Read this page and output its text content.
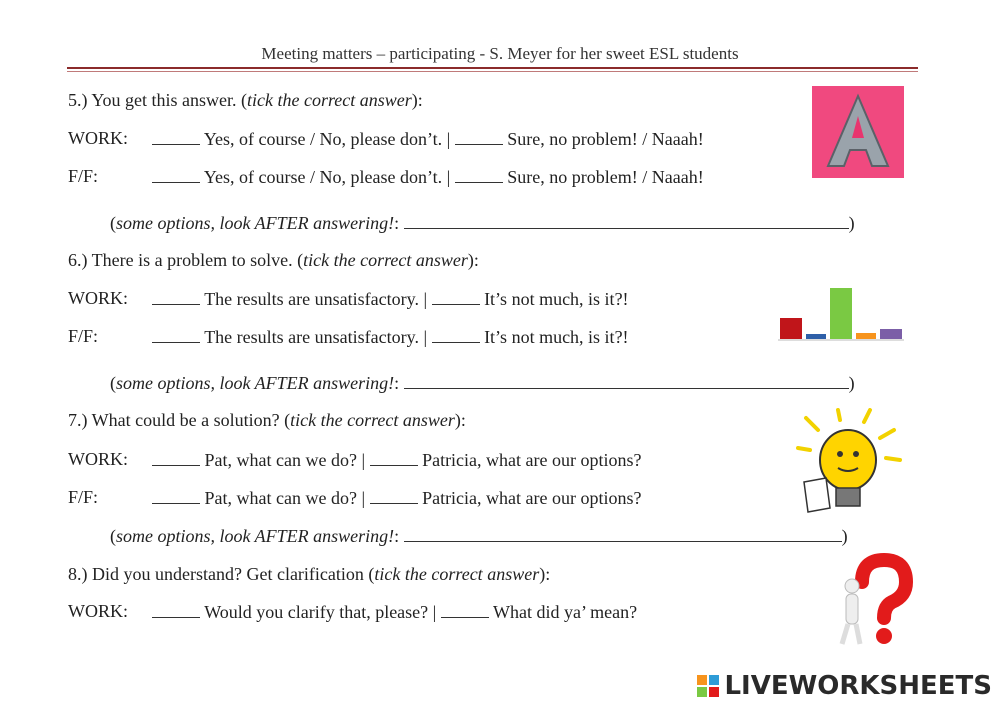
Meeting matters – participating - S. Meyer for her sweet ESL students
5.) You get this answer. (tick the correct answer):
WORK:	Yes, of course / No, please don’t. |	Sure, no problem! / Naaah!
F/F:	Yes, of course / No, please don’t. |	Sure, no problem! / Naaah!
(some options, look AFTER answering!:	)
6.) There is a problem to solve. (tick the correct answer):
WORK:	The results are unsatisfactory. |	It’s not much, is it?!
F/F:	The results are unsatisfactory. |	It’s not much, is it?!
(some options, look AFTER answering!:	)
7.) What could be a solution? (tick the correct answer):
WORK:	Pat, what can we do? |	Patricia, what are our options?
F/F:	Pat, what can we do? |	Patricia, what are our options?
(some options, look AFTER answering!:	)
8.) Did you understand? Get clarification (tick the correct answer):
WORK:	Would you clarify that, please? |	What did ya’ mean?
LIVEWORKSHEETS
